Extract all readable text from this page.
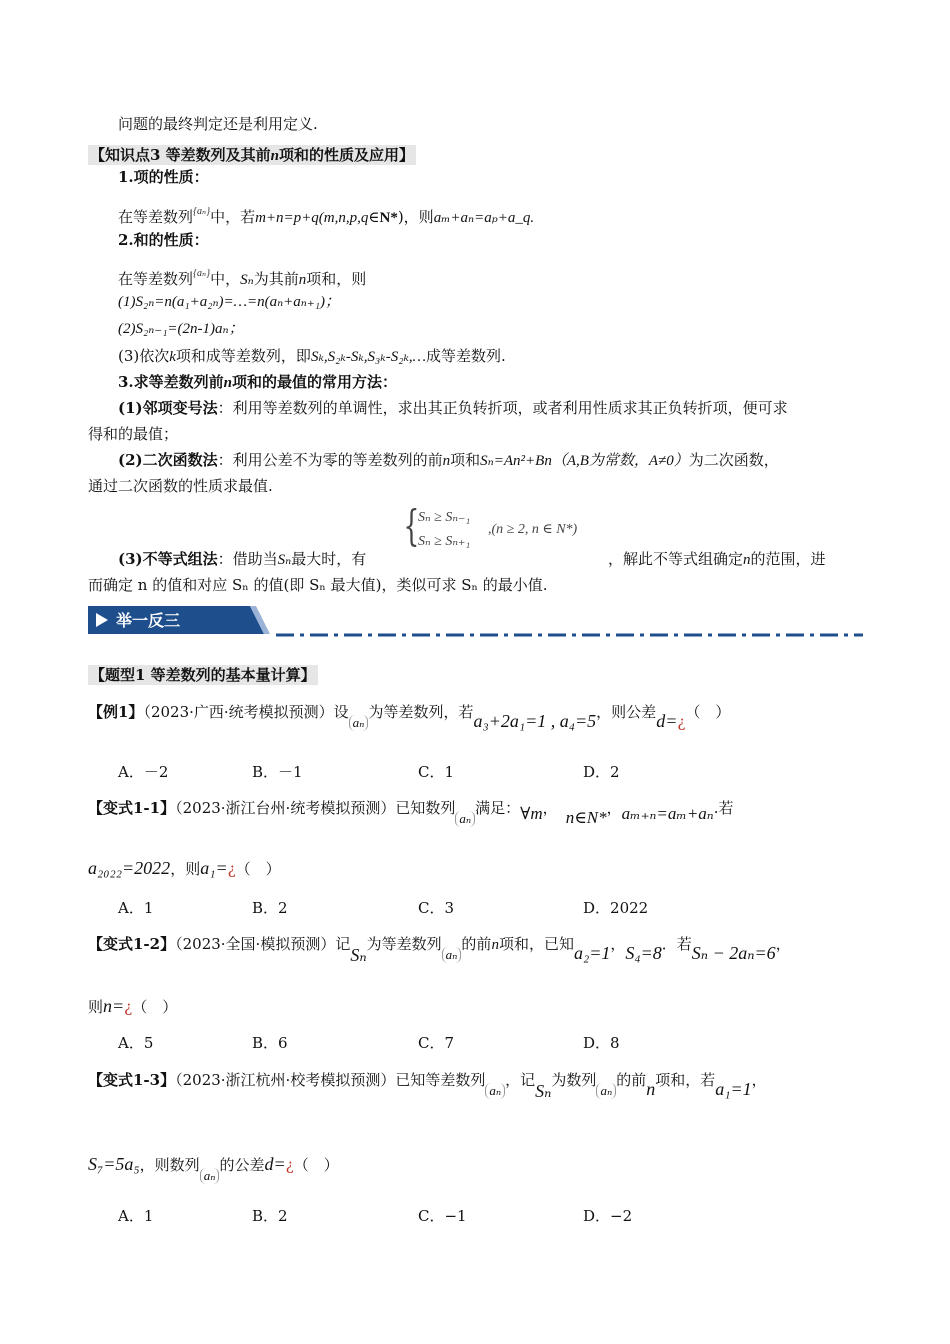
问题的最终判定还是利用定义.
【知识点3 等差数列及其前n项和的性质及应用】
1.项的性质：
在等差数列$^{\{a_n\}}$中，若m+n=p+q(m,n,p,q∈N*)，则aₘ+aₙ=aₚ+a_q.
2.和的性质：
在等差数列$^{\{a_n\}}$中，Sₙ为其前n项和，则
(1)S₂ₙ=n(a₁+a₂ₙ)=…=n(aₙ+aₙ₊₁)；
(2)S₂ₙ₋₁=(2n-1)aₙ；
(3)依次k项和成等差数列，即Sₖ,S₂ₖ-Sₖ,S₃ₖ-S₂ₖ,…成等差数列.
3.求等差数列前n项和的最值的常用方法：
(1)邻项变号法：利用等差数列的单调性，求出其正负转折项，或者利用性质求其正负转折项，便可求
得和的最值；
(2)二次函数法：利用公差不为零的等差数列的前n项和Sₙ=An²+Bn（A,B为常数，A≠0）为二次函数，
通过二次函数的性质求最值.
{
Sₙ ≥ Sₙ₋₁
Sₙ ≥ Sₙ₊₁
,(n ≥ 2, n ∈ N*)
(3)不等式组法：借助当Sₙ最大时，有	，解此不等式组确定n的范围，进
而确定 n 的值和对应 Sₙ 的值(即 Sₙ 最大值)，类似可求 Sₙ 的最小值.
举一反三
【题型1 等差数列的基本量计算】
【例1】（2023·广西·统考模拟预测）设aₙ为等差数列，若a₃+2a₁=1 , a₄=5，则公差d=¿（　）
A．－2	B．－1	C．1	D．2
【变式1-1】（2023·浙江台州·统考模拟预测）已知数列aₙ满足：∀m， n∈N*，aₘ₊ₙ=aₘ+aₙ.若
a₂₀₂₂=2022，则a₁=¿（　）
A．1	B．2	C．3	D．2022
【变式1-2】（2023·全国·模拟预测）记Sₙ为等差数列aₙ的前n项和，已知a₂=1，S₄=8．若Sₙ − 2aₙ=6，
则n=¿（　）
A．5	B．6	C．7	D．8
【变式1-3】（2023·浙江杭州·校考模拟预测）已知等差数列aₙ，记Sₙ为数列aₙ的前n项和，若a₁=1，
S₇=5a₅，则数列aₙ的公差d=¿（　）
A．1	B．2	C．−1	D．−2
